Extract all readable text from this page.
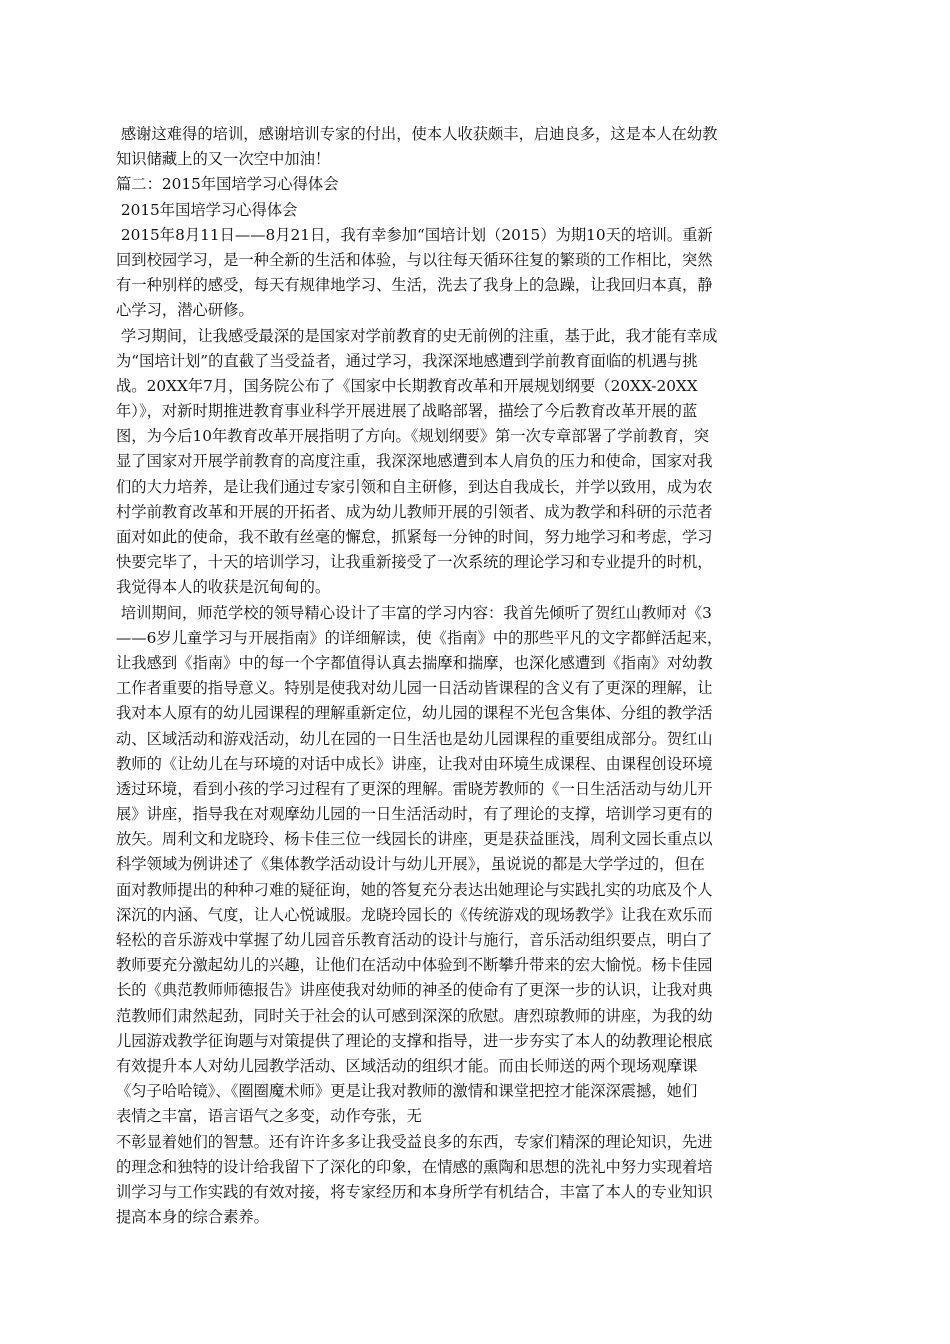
感谢这难得的培训，感谢培训专家的付出，使本人收获颇丰，启迪良多，这是本人在幼教
知识储藏上的又一次空中加油！
篇二：2015年国培学习心得体会
2015年国培学习心得体会
2015年8月11日——8月21日，我有幸参加“国培计划（2015）为期10天的培训。重新
回到校园学习，是一种全新的生活和体验，与以往每天循环往复的繁琐的工作相比，突然
有一种别样的感受，每天有规律地学习、生活，洗去了我身上的急躁，让我回归本真，静
心学习，潜心研修。
学习期间，让我感受最深的是国家对学前教育的史无前例的注重，基于此，我才能有幸成
为“国培计划”的直截了当受益者，通过学习，我深深地感遭到学前教育面临的机遇与挑
战。20XX年7月，国务院公布了《国家中长期教育改革和开展规划纲要（20XX-20XX
年）》，对新时期推进教育事业科学开展进展了战略部署，描绘了今后教育改革开展的蓝
图，为今后10年教育改革开展指明了方向。《规划纲要》第一次专章部署了学前教育，突
显了国家对开展学前教育的高度注重，我深深地感遭到本人肩负的压力和使命，国家对我
们的大力培养，是让我们通过专家引领和自主研修，到达自我成长，并学以致用，成为农
村学前教育改革和开展的开拓者、成为幼儿教师开展的引领者、成为教学和科研的示范者
面对如此的使命，我不敢有丝毫的懈怠，抓紧每一分钟的时间，努力地学习和考虑，学习
快要完毕了，十天的培训学习，让我重新接受了一次系统的理论学习和专业提升的时机，
我觉得本人的收获是沉甸甸的。
培训期间，师范学校的领导精心设计了丰富的学习内容：我首先倾听了贺红山教师对《3
——6岁儿童学习与开展指南》的详细解读，使《指南》中的那些平凡的文字都鲜活起来，
让我感到《指南》中的每一个字都值得认真去揣摩和揣摩，也深化感遭到《指南》对幼教
工作者重要的指导意义。特别是使我对幼儿园一日活动皆课程的含义有了更深的理解，让
我对本人原有的幼儿园课程的理解重新定位，幼儿园的课程不光包含集体、分组的教学活
动、区域活动和游戏活动，幼儿在园的一日生活也是幼儿园课程的重要组成部分。贺红山
教师的《让幼儿在与环境的对话中成长》讲座，让我对由环境生成课程、由课程创设环境
透过环境，看到小孩的学习过程有了更深的理解。雷晓芳教师的《一日生活活动与幼儿开
展》讲座，指导我在对观摩幼儿园的一日生活活动时，有了理论的支撑，培训学习更有的
放矢。周利文和龙晓玲、杨卡佳三位一线园长的讲座，更是获益匪浅，周利文园长重点以
科学领域为例讲述了《集体教学活动设计与幼儿开展》，虽说说的都是大学学过的，但在
面对教师提出的种种刁难的疑征询，她的答复充分表达出她理论与实践扎实的功底及个人
深沉的内涵、气度，让人心悦诚服。龙晓玲园长的《传统游戏的现场教学》让我在欢乐而
轻松的音乐游戏中掌握了幼儿园音乐教育活动的设计与施行，音乐活动组织要点，明白了
教师要充分激起幼儿的兴趣，让他们在活动中体验到不断攀升带来的宏大愉悦。杨卡佳园
长的《典范教师师德报告》讲座使我对幼师的神圣的使命有了更深一步的认识，让我对典
范教师们肃然起劲，同时关于社会的认可感到深深的欣慰。唐烈琼教师的讲座，为我的幼
儿园游戏教学征询题与对策提供了理论的支撑和指导，进一步夯实了本人的幼教理论根底
有效提升本人对幼儿园教学活动、区域活动的组织才能。而由长师送的两个现场观摩课
《匀子哈哈镜》、《圈圈魔术师》更是让我对教师的激情和课堂把控才能深深震撼，她们
表情之丰富，语言语气之多变，动作夸张，无
不彰显着她们的智慧。还有许许多多让我受益良多的东西，专家们精深的理论知识，先进
的理念和独特的设计给我留下了深化的印象，在情感的熏陶和思想的洗礼中努力实现着培
训学习与工作实践的有效对接，将专家经历和本身所学有机结合，丰富了本人的专业知识
提高本身的综合素养。
